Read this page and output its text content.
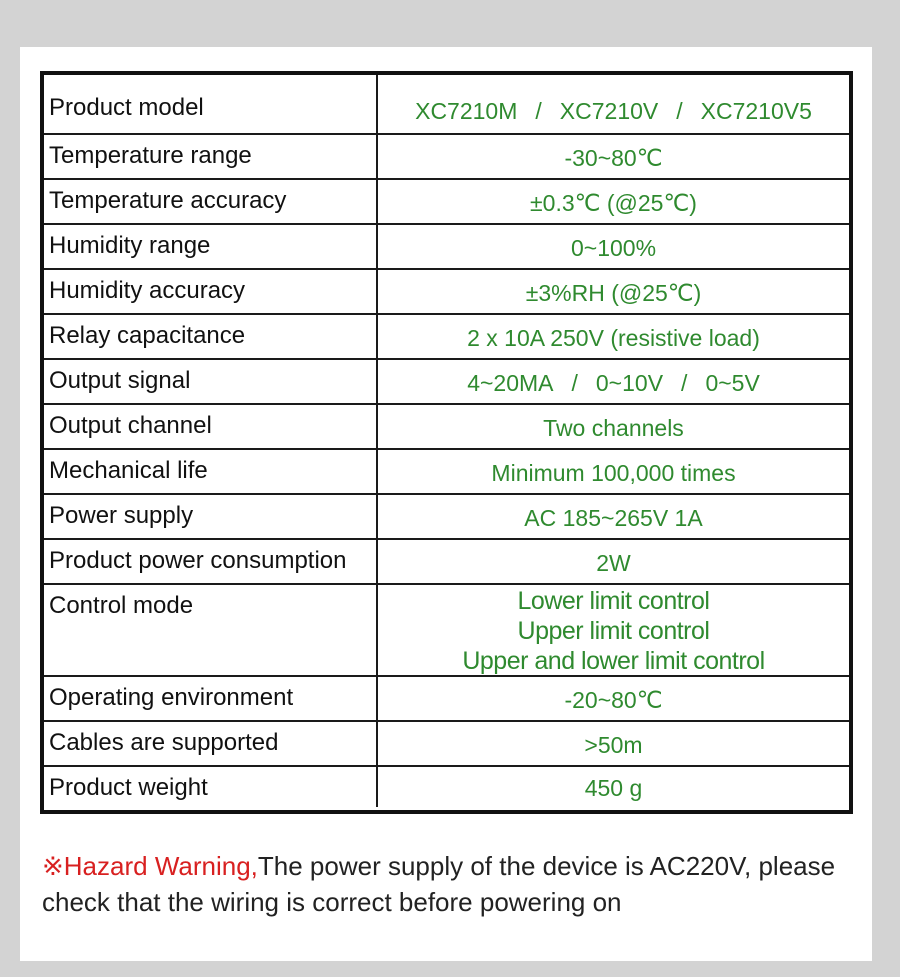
Product model	XC7210M / XC7210V / XC7210V5
Temperature range	-30~80℃
Temperature accuracy	±0.3℃ (@25℃)
Humidity range	0~100%
Humidity accuracy	±3%RH (@25℃)
Relay capacitance	2 x 10A 250V (resistive load)
Output signal	4~20MA / 0~10V / 0~5V
Output channel	Two channels
Mechanical life	Minimum 100,000 times
Power supply	AC 185~265V 1A
Product power consumption	2W
Control mode	Lower limit control
Upper limit control
Upper and lower limit control
Operating environment	-20~80℃
Cables are supported	>50m
Product weight	450 g
※Hazard Warning,The power supply of the device is AC220V, please check that the wiring is correct before powering on
